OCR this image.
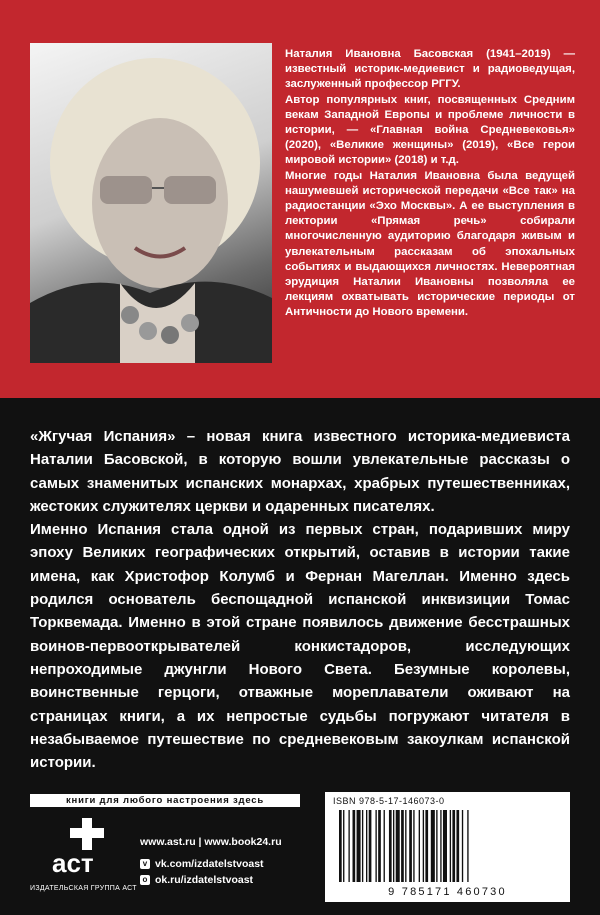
Наталия Ивановна Басовская (1941–2019) — известный историк-медиевист и радиоведущая, заслуженный профессор РГГУ.

Автор популярных книг, посвященных Средним векам Западной Европы и проблеме личности в истории, — «Главная война Средневековья» (2020), «Великие женщины» (2019), «Все герои мировой истории» (2018) и т.д.

Многие годы Наталия Ивановна была ведущей нашумевшей исторической передачи «Все так» на радиостанции «Эхо Москвы». А ее выступления в лектории «Прямая речь» собирали многочисленную аудиторию благодаря живым и увлекательным рассказам об эпохальных событиях и выдающихся личностях. Невероятная эрудиция Наталии Ивановны позволяла ее лекциям охватывать исторические периоды от Античности до Нового времени.

«Жгучая Испания» – новая книга известного историка-медиевиста Наталии Басовской, в которую вошли увлекательные рассказы о самых знаменитых испанских монархах, храбрых путешественниках, жестоких служителях церкви и одаренных писателях.

Именно Испания стала одной из первых стран, подаривших миру эпоху Великих географических открытий, оставив в истории такие имена, как Христофор Колумб и Фернан Магеллан. Именно здесь родился основатель беспощадной испанской инквизиции Томас Торквемада. Именно в этой стране появилось движение бесстрашных воинов-первооткрывателей конкистадоров, исследующих непроходимые джунгли Нового Света. Безумные королевы, воинственные герцоги, отважные мореплаватели оживают на страницах книги, а их непростые судьбы погружают читателя в незабываемое путешествие по средневековым закоулкам испанской истории.

книги для любого настроения здесь
аст
ИЗДАТЕЛЬСКАЯ ГРУППА АСТ
www.ast.ru | www.book24.ru
v vk.com/izdatelstvoast
o ok.ru/izdatelstvoast
ISBN 978-5-17-146073-0
9 785171 460730
